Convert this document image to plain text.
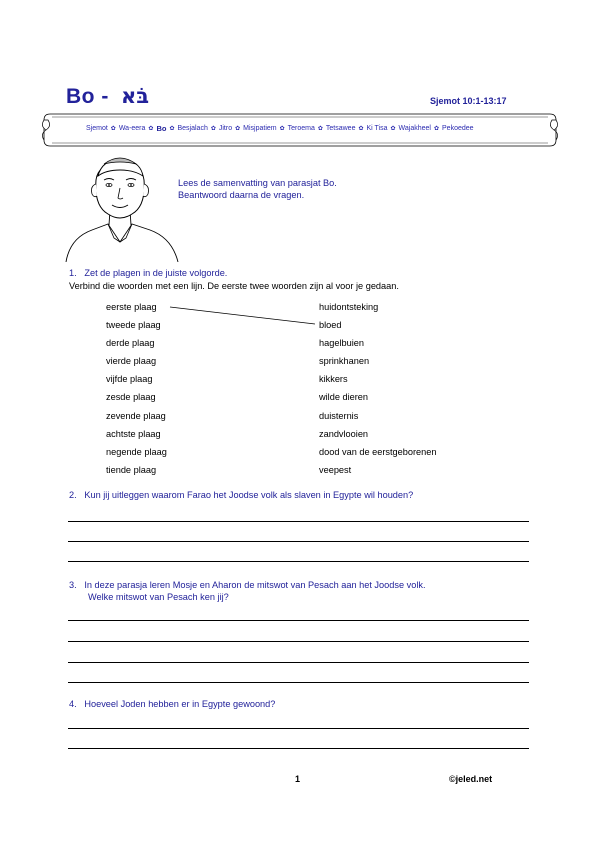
Bo - בֹּא	Sjemot 10:1-13:17
Sjemot ✿ Wa-eera ✿ Bo ✿ Besjalach ✿ Jitro ✿ Misjpatiem ✿ Teroema ✿ Tetsawee ✿ Ki Tisa ✿ Wajakheel ✿ Pekoedee
Lees de samenvatting van parasjat Bo.
Beantwoord daarna de vragen.
1. Zet de plagen in de juiste volgorde.
Verbind die woorden met een lijn. De eerste twee woorden zijn al voor je gedaan.
eerste plaag
tweede plaag
derde plaag
vierde plaag
vijfde plaag
zesde plaag
zevende plaag
achtste plaag
negende plaag
tiende plaag
huidontsteking
bloed
hagelbuien
sprinkhanen
kikkers
wilde dieren
duisternis
zandvlooien
dood van de eerstgeborenen
veepest
2. Kun jij uitleggen waarom Farao het Joodse volk als slaven in Egypte wil houden?
3. In deze parasja leren Mosje en Aharon de mitswot van Pesach aan het Joodse volk.
Welke mitswot van Pesach ken jij?
4. Hoeveel Joden hebben er in Egypte gewoond?
1	©jeled.net
